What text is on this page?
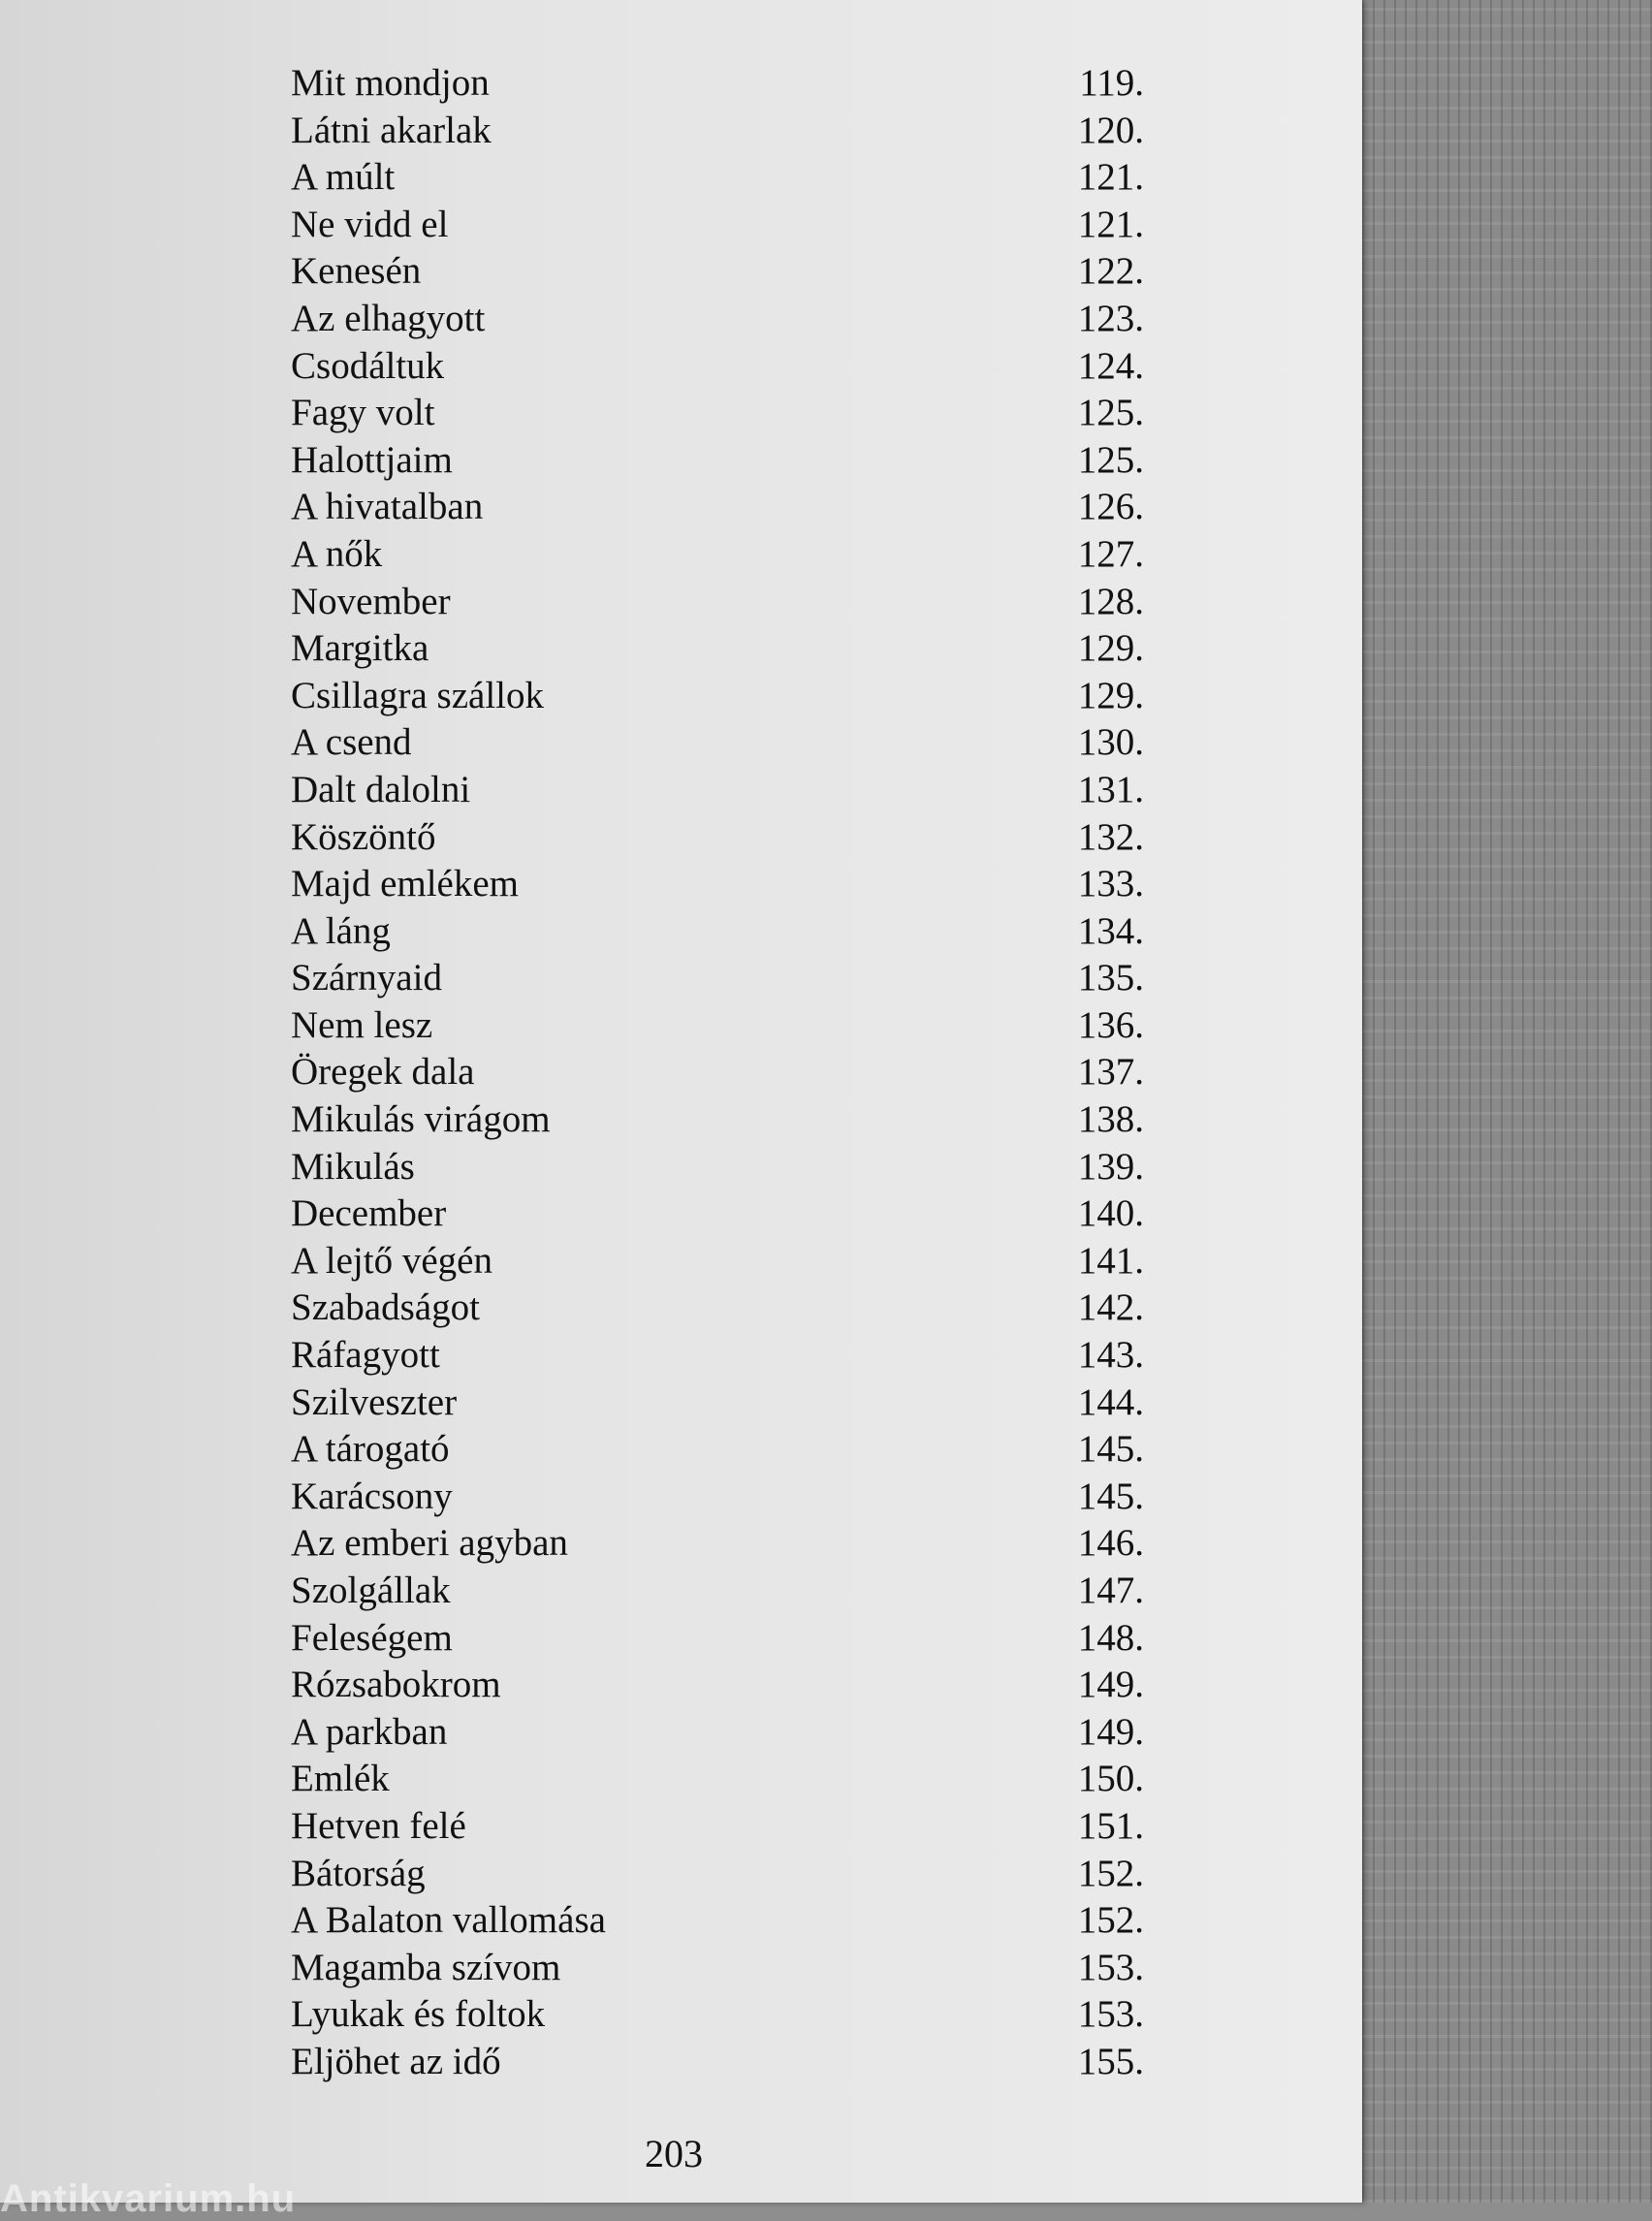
Mit mondjon	119.
Látni akarlak	120.
A múlt	121.
Ne vidd el	121.
Kenesén	122.
Az elhagyott	123.
Csodáltuk	124.
Fagy volt	125.
Halottjaim	125.
A hivatalban	126.
A nők	127.
November	128.
Margitka	129.
Csillagra szállok	129.
A csend	130.
Dalt dalolni	131.
Köszöntő	132.
Majd emlékem	133.
A láng	134.
Szárnyaid	135.
Nem lesz	136.
Öregek dala	137.
Mikulás virágom	138.
Mikulás	139.
December	140.
A lejtő végén	141.
Szabadságot	142.
Ráfagyott	143.
Szilveszter	144.
A tárogató	145.
Karácsony	145.
Az emberi agyban	146.
Szolgállak	147.
Feleségem	148.
Rózsabokrom	149.
A parkban	149.
Emlék	150.
Hetven felé	151.
Bátorság	152.
A Balaton vallomása	152.
Magamba szívom	153.
Lyukak és foltok	153.
Eljöhet az idő	155.
203
Antikvarium.hu
